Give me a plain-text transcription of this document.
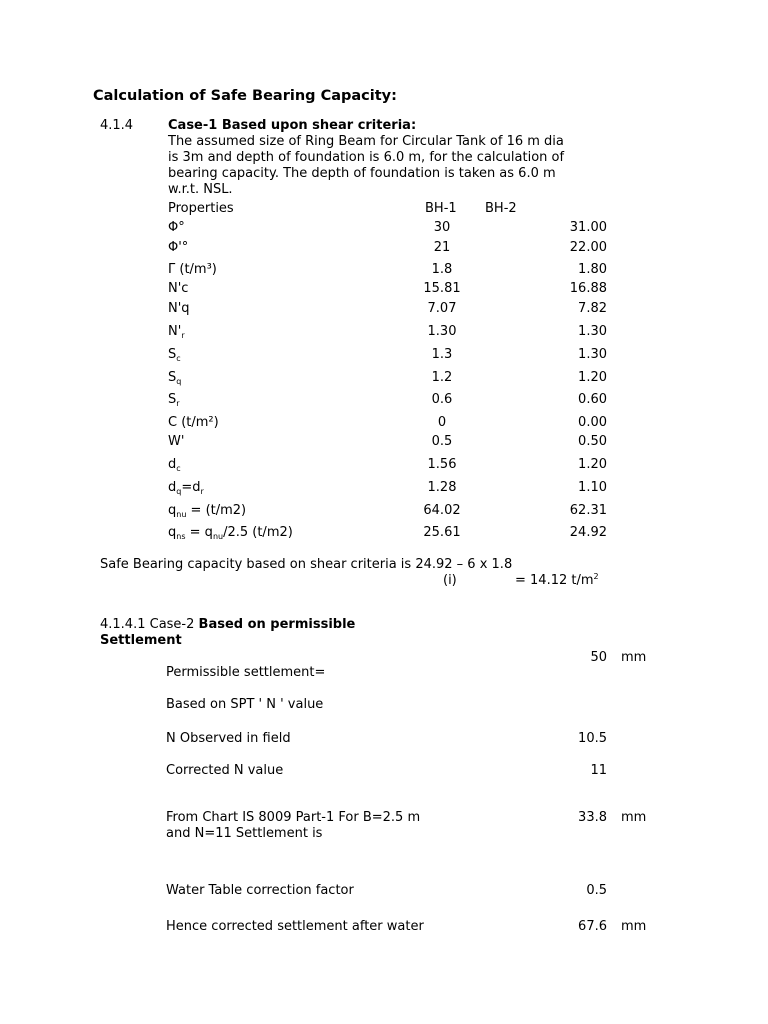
Calculation of Safe Bearing Capacity:
4.1.4	Case-1 Based upon shear criteria:
The assumed size of Ring Beam for Circular Tank of 16 m dia
is 3m and depth of foundation is 6.0 m, for the calculation of
bearing capacity. The depth of foundation is taken as 6.0 m
w.r.t. NSL.
Properties	BH-1 BH-2
Φ°	30	31.00
Φ'°	21	22.00
Γ (t/m³)	1.8	1.80
N'c	15.81	16.88
N'q	7.07	7.82
$N'_r$	1.30	1.30
$S_c$	1.3	1.30
$S_q$	1.2	1.20
$S_r$	0.6	0.60
C (t/m²)	0	0.00
W'	0.5	0.50
$d_c$	1.56	1.20
$d_q=d_r$	1.28	1.10
$q_{nu} = (t/m2)$	64.02	62.31
$q_{ns} = q_{nu}/2.5$ (t/m2)	25.61	24.92
Safe Bearing capacity based on shear criteria is 24.92 – 6 x 1.8
(i)	= 14.12 $t/m^2$
4.1.4.1 Case-2 Based on permissible
Settlement
50 mm
Permissible settlement=
Based on SPT ' N ' value
N Observed in field	10.5
Corrected N value	11
From Chart IS 8009 Part-1 For B=2.5 m
and N=11 Settlement is
33.8 mm
Water Table correction factor	0.5
Hence corrected settlement after water	67.6 mm
